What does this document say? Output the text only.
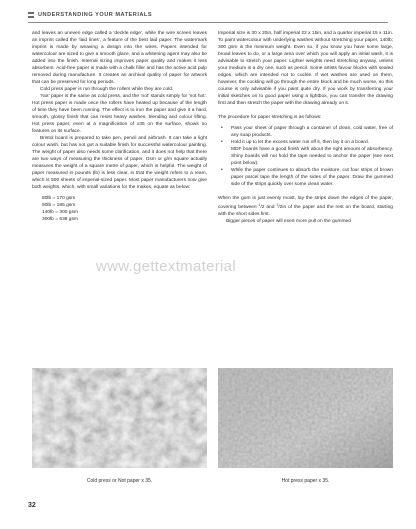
UNDERSTANDING YOUR MATERIALS

and leaves an uneven edge called a ‘deckle edge’, while the wire screen leaves an imprint called the ‘laid lines’, a feature of the best laid paper. The watermark imprint is made by weaving a design into the wires. Papers intended for watercolour are sized to give a smooth glaze, and a whitening agent may also be added into the finish. Internal sizing improves paper quality and makes it less absorbent. Acid-free paper is made with a chalk filler and has the active acid pulp removed during manufacture. It creates an archival quality of paper for artwork that can be preserved for long periods.

Cold press paper is run through the rollers while they are cold.

‘Not’ paper is the same as cold press, and the ‘not’ stands simply for ‘not hot’. Hot press paper is made once the rollers have heated up because of the length of time they have been running. The effect is to iron the paper and give it a hard, smooth, glossy finish that can resist heavy washes, blending and colour lifting. Hot press paper, even at a magnification of x35 on the surface, shows no features on its surface.

Bristol board is prepared to take pen, pencil and airbrush. It can take a light colour wash, but has not got a suitable finish for successful watercolour painting. The weight of paper also needs some clarification, and it does not help that there are two ways of measuring the thickness of paper. Gsm or g/m square actually measures the weight of a square metre of paper, which is helpful. The weight of paper measured in pounds (lb) is less clear, in that the weight refers to a ream, which is 500 sheets of imperial-sized paper. Most paper manufacturers now give both weights, which, with small variations for the makes, equate as below:

80lb = 170 gsm
90lb = 185 gsm
140lb = 300 gsm
300lb = 638 gsm

Imperial size is 30 x 20in, half imperial 22 x 15in, and a quarter imperial 15 x 11in. To paint watercolour with underlying washes without stretching your paper, 140lb; 300 gsm is the minimum weight. Even so, if you know you have some large, broad leaves to do, or a large area over which you will apply an initial wash, it is advisable to stretch your paper. Lighter weights need stretching anyway, unless your medium is a dry one, such as pencil. Some artists favour blocks with sealed edges, which are intended not to cockle. If wet washes are used on them, however, the cockling will go through the entire block and be much worse, so this course is only advisable if you paint quite dry. If you work by transferring your initial sketches on to good paper using a lightbox, you can transfer the drawing first and then stretch the paper with the drawing already on it.

The procedure for paper stretching is as follows:

• Pass your sheet of paper through a container of clean, cold water, free of any soap products.
• Hold it up to let the excess water run off it, then lay it on a board.
MDF boards have a good finish with about the right amount of absorbency. Shiny boards will not hold the tape needed to anchor the paper (see next point below).
• While the paper continues to absorb the moisture, cut four strips of brown paper parcel tape the length of the sides of the paper. Draw the gummed side of the strips quickly over some clean water.

When the gum is just evenly moist, lay the strips down the edges of the paper, covering between $^1$/2 and $^1$/2in of the paper and the rest on the board, starting with the short sides first.

Bigger pieces of paper will exert more pull on the gummed

www.gettextmaterial
Cold press or Not paper x 35.	Hot press paper x 35.
32
